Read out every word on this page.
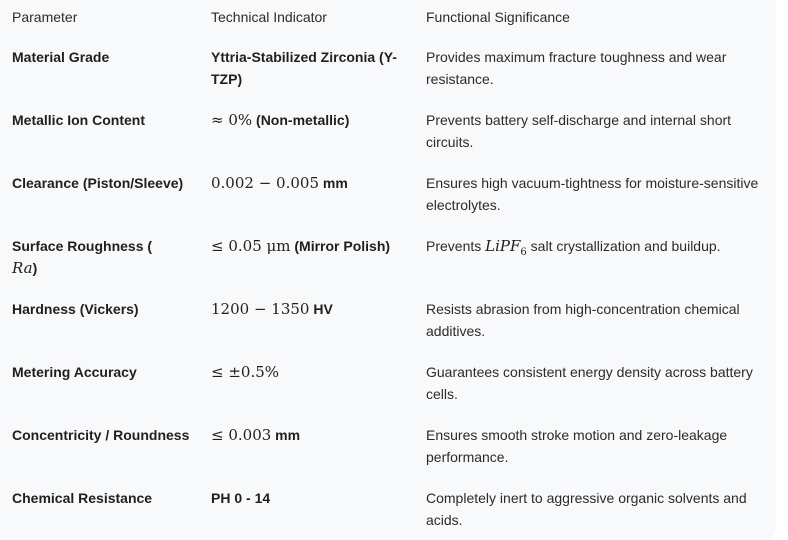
Parameter	Technical Indicator	Functional Significance

Material Grade	Yttria-Stabilized Zirconia (Y-TZP)	Provides maximum fracture toughness and wear resistance.

Metallic Ion Content	≈ 0% (Non-metallic)	Prevents battery self-discharge and internal short circuits.

Clearance (Piston/Sleeve)	0.002 − 0.005 mm	Ensures high vacuum-tightness for moisture-sensitive electrolytes.

Surface Roughness (
Ra)	≤ 0.05 μm (Mirror Polish)	Prevents LiPF$_6$ salt crystallization and buildup.

Hardness (Vickers)	1200 − 1350 HV	Resists abrasion from high-concentration chemical additives.

Metering Accuracy	≤ ±0.5%	Guarantees consistent energy density across battery cells.

Concentricity / Roundness	≤ 0.003 mm	Ensures smooth stroke motion and zero-leakage performance.

Chemical Resistance	PH 0 - 14	Completely inert to aggressive organic solvents and acids.
